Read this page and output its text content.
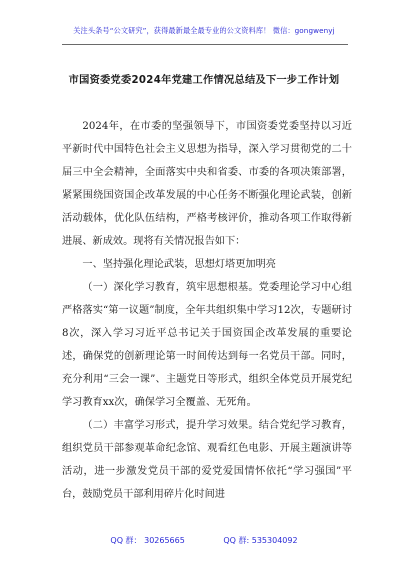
关注头条号“公文研究”，获得最新最全最专业的公文资料库！ 微信：gongwenyj
市国资委党委2024年党建工作情况总结及下一步工作计划

2024年，在市委的坚强领导下，市国资委党委坚持以习近平新时代中国特色社会主义思想为指导，深入学习贯彻党的二十届三中全会精神，全面落实中央和省委、市委的各项决策部署，紧紧围绕国资国企改革发展的中心任务不断强化理论武装，创新活动载体，优化队伍结构，严格考核评价，推动各项工作取得新进展、新成效。现将有关情况报告如下：

一、坚持强化理论武装，思想灯塔更加明亮

（一）深化学习教育，筑牢思想根基。党委理论学习中心组严格落实“第一议题”制度，全年共组织集中学习12次，专题研讨8次，深入学习习近平总书记关于国资国企改革发展的重要论述，确保党的创新理论第一时间传达到每一名党员干部。同时，充分利用“三会一课”、主题党日等形式，组织全体党员开展党纪学习教育xx次，确保学习全覆盖、无死角。

（二）丰富学习形式，提升学习效果。结合党纪学习教育，组织党员干部参观革命纪念馆、观看红色电影、开展主题演讲等活动，进一步激发党员干部的爱党爱国情怀依托“学习强国”平台，鼓励党员干部利用碎片化时间进

QQ 群： 30265665	QQ 群: 535304092
